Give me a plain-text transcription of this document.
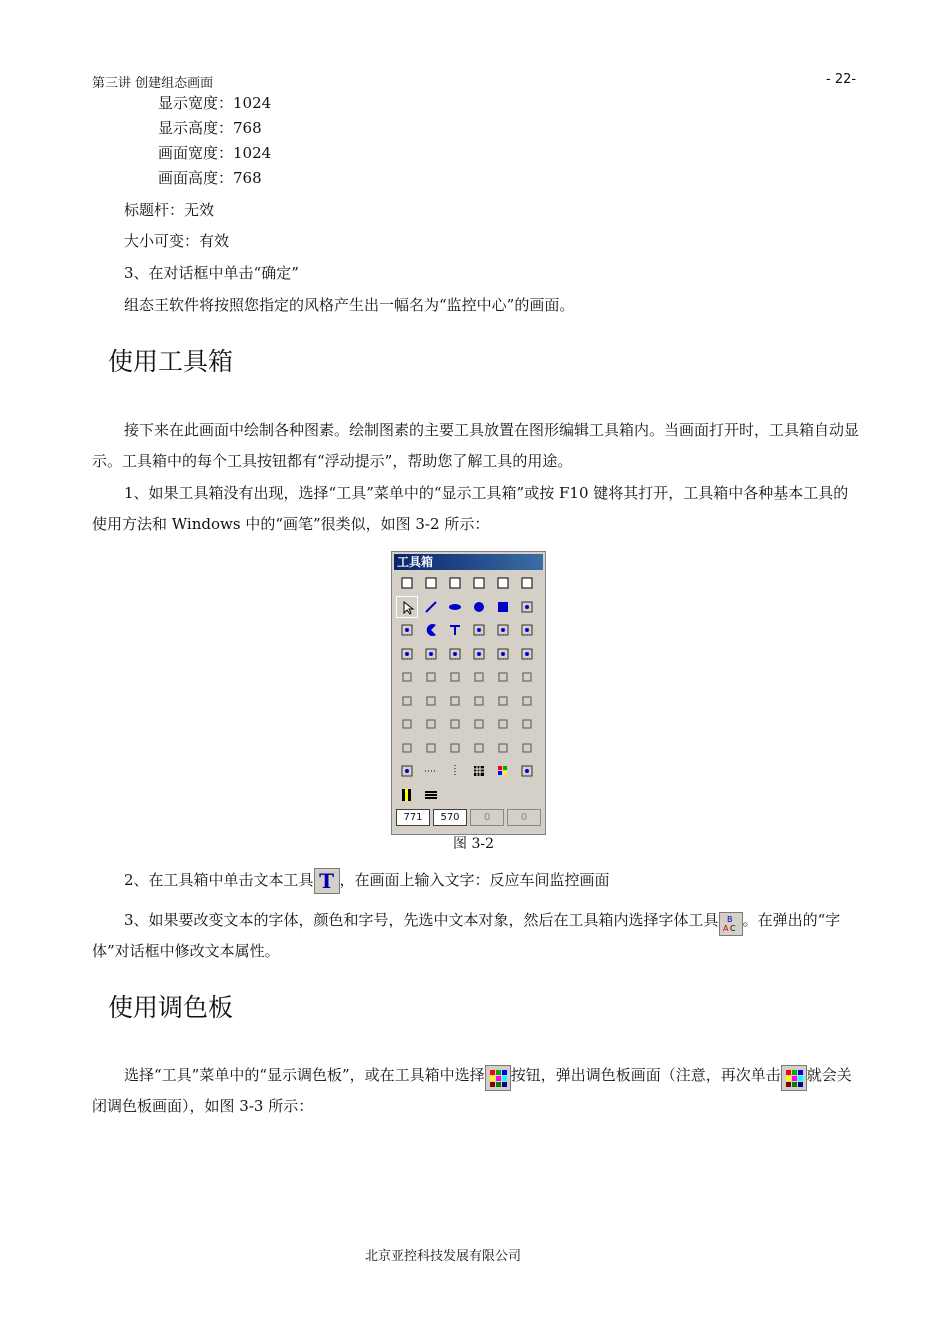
第三讲 创建组态画面	- 22-
显示宽度：1024
显示高度：768
画面宽度：1024
画面高度：768
标题杆：无效
大小可变：有效
3、在对话框中单击“确定”
组态王软件将按照您指定的风格产生出一幅名为“监控中心”的画面。
使用工具箱
接下来在此画面中绘制各种图素。绘制图素的主要工具放置在图形编辑工具箱内。当画面打开时，工具箱自动显示。工具箱中的每个工具按钮都有“浮动提示”，帮助您了解工具的用途。
1、如果工具箱没有出现，选择“工具”菜单中的“显示工具箱”或按 F10 键将其打开，工具箱中各种基本工具的使用方法和 Windows 中的“画笔”很类似，如图 3-2 所示：
工具箱
771	570	0	0
图 3-2
2、在工具箱中单击文本工具 T ，在画面上输入文字：反应车间监控画面
3、如果要改变文本的字体，颜色和字号，先选中文本对象，然后在工具箱内选择字体工具 B
A C 。在弹出的“字体”对话框中修改文本属性。
使用调色板
选择“工具”菜单中的“显示调色板”，或在工具箱中选择 按钮，弹出调色板画面（注意，再次单击 就会关闭调色板画面），如图 3-3 所示：
北京亚控科技发展有限公司
